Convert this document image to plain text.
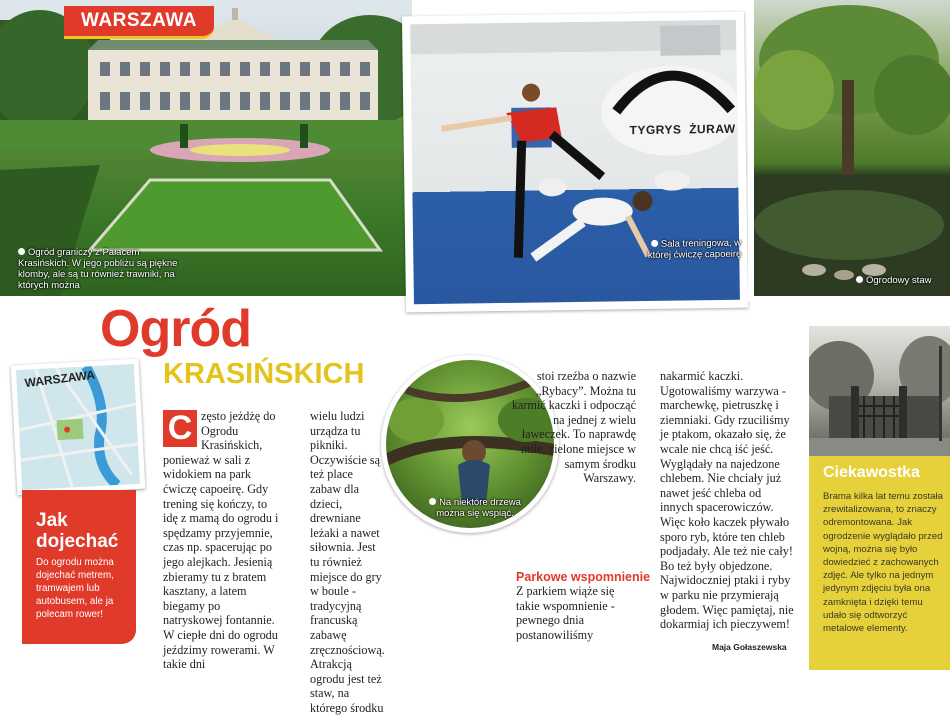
WARSZAWA
Ogród graniczy z Pałacem Krasińskich. W jego pobliżu są piękne klomby, ale są tu również trawniki, na których można
TYGRYS ŻURAW
Sala treningowa, w której ćwiczę capoeirę
Ogrodowy staw
Ogród
KRASIŃSKICH
WARSZAWA
Jak dojechać
Do ogrodu można dojechać metrem, tramwajem lub autobusem, ale ja polecam rower!
C zęsto jeżdżę do Ogrodu Krasińskich, ponieważ w sali z widokiem na park ćwiczę capoeirę. Gdy trening się kończy, to idę z mamą do ogrodu i spędzamy przyjemnie, czas np. spacerując po jego alejkach. Jesienią zbieramy tu z bratem kasztany, a latem biegamy po natryskowej fontannie. W ciepłe dni do ogrodu jeździmy rowerami. W takie dni

wielu ludzi urządza tu pikniki. Oczywiście są też place zabaw dla dzieci, drewniane leżaki a nawet siłownia. Jest tu również miejsce do gry w boule - tradycyjną francuską zabawę zręcznościową. Atrakcją ogrodu jest też staw, na którego środku

Na niektóre drzewa można się wspiąć.

stoi rzeźba o nazwie „Rybacy”. Można tu karmić kaczki i odpocząć na jednej z wielu ławeczek. To naprawdę miłe, zielone miejsce w samym środku Warszawy.

Parkowe wspomnienie

Z parkiem wiąże się takie wspomnienie - pewnego dnia postanowiliśmy

nakarmić kaczki. Ugotowaliśmy warzywa - marchewkę, pietruszkę i ziemniaki. Gdy rzuciliśmy je ptakom, okazało się, że wcale nie chcą iść jeść. Wyglądały na najedzone chlebem. Nie chciały już nawet jeść chleba od innych spacerowiczów. Więc koło kaczek pływało sporo ryb, które ten chleb podjadały. Ale też nie cały! Bo też były objedzone. Najwidoczniej ptaki i ryby w parku nie przymierają głodem. Więc pamiętaj, nie dokarmiaj ich pieczywem!

Maja Gołaszewska
Ciekawostka
Brama kilka lat temu została zrewitalizowana, to znaczy odremontowana. Jak ogrodzenie wyglądało przed wojną, można się było dowiedzieć z zachowanych zdjęć. Ale tylko na jednym jedynym zdjęciu była ona zamknięta i dzięki temu udało się odtworzyć metalowe elementy.
